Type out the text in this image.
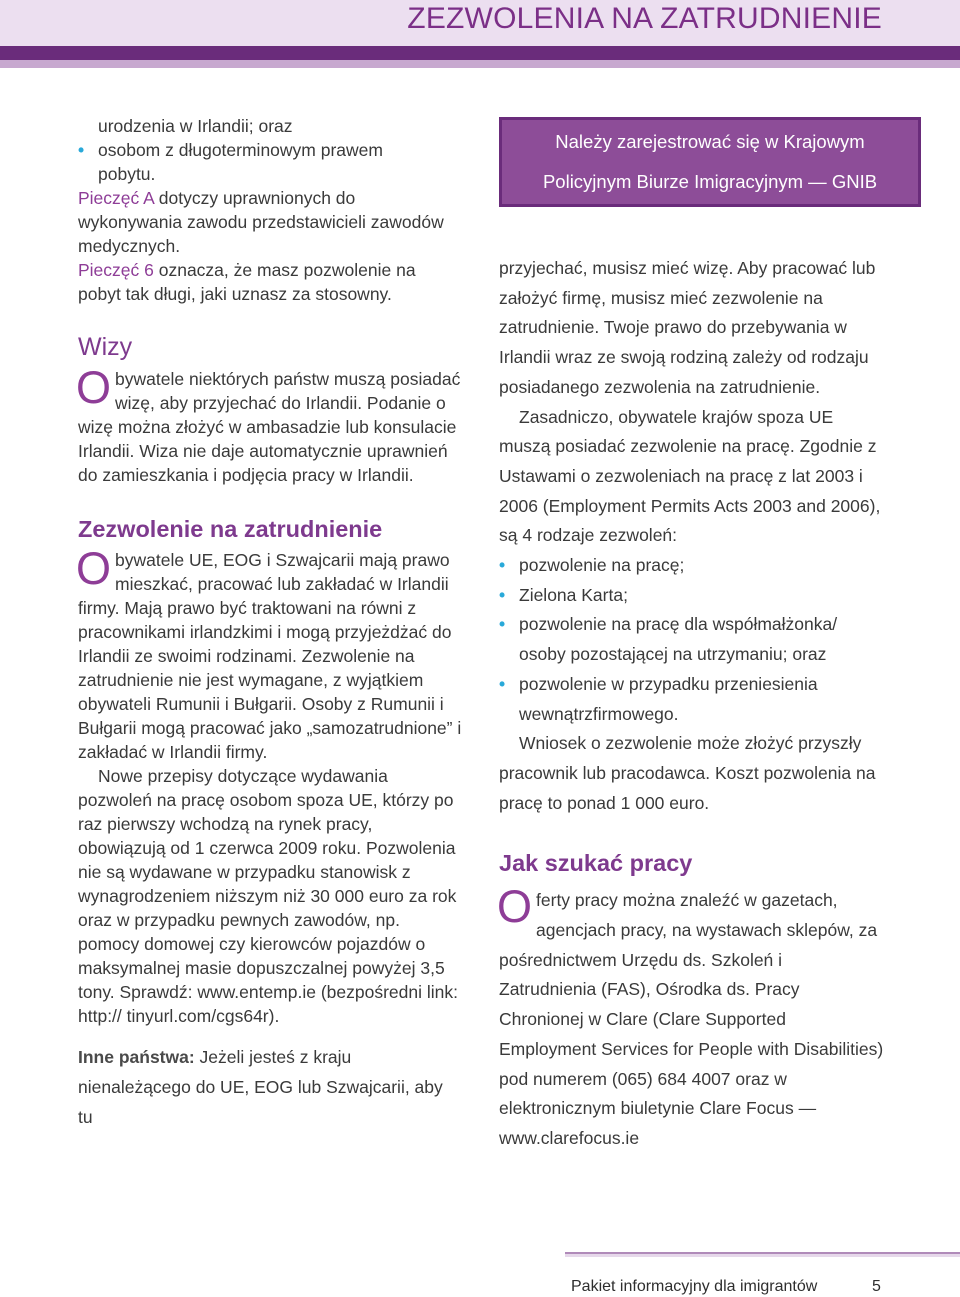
ZEZWOLENIA NA ZATRUDNIENIE

urodzenia w Irlandii; oraz

• osobom z długoterminowym prawem

pobytu.

Pieczęć A dotyczy uprawnionych do wykonywania zawodu przedstawicieli zawodów medycznych.

Pieczęć 6 oznacza, że masz pozwolenie na pobyt tak długi, jaki uznasz za stosowny.

Wizy

Obywatele niektórych państw muszą posiadać wizę, aby przyjechać do Irlandii. Podanie o wizę można złożyć w ambasadzie lub konsulacie Irlandii. Wiza nie daje automatycznie uprawnień do zamieszkania i podjęcia pracy w Irlandii.

Zezwolenie na zatrudnienie

Obywatele UE, EOG i Szwajcarii mają prawo mieszkać, pracować lub zakładać w Irlandii firmy. Mają prawo być traktowani na równi z pracownikami irlandzkimi i mogą przyjeżdżać do Irlandii ze swoimi rodzinami. Zezwolenie na zatrudnienie nie jest wymagane, z wyjątkiem obywateli Rumunii i Bułgarii. Osoby z Rumunii i Bułgarii mogą pracować jako „samozatrudnione” i zakładać w Irlandii firmy.

Nowe przepisy dotyczące wydawania pozwoleń na pracę osobom spoza UE, którzy po raz pierwszy wchodzą na rynek pracy, obowiązują od 1 czerwca 2009 roku. Pozwolenia nie są wydawane w przypadku stanowisk z wynagrodzeniem niższym niż 30 000 euro za rok oraz w przypadku pewnych zawodów, np. pomocy domowej czy kierowców pojazdów o maksymalnej masie dopuszczalnej powyżej 3,5 tony. Sprawdź: www.entemp.ie (bezpośredni link: http:// tinyurl.com/cgs64r).

Inne państwa: Jeżeli jesteś z kraju nienależącego do UE, EOG lub Szwajcarii, aby tu

Należy zarejestrować się w Krajowym
Policyjnym Biurze Imigracyjnym — GNIB

przyjechać, musisz mieć wizę. Aby pracować lub założyć firmę, musisz mieć zezwolenie na zatrudnienie. Twoje prawo do przebywania w Irlandii wraz ze swoją rodziną zależy od rodzaju posiadanego zezwolenia na zatrudnienie.

Zasadniczo, obywatele krajów spoza UE muszą posiadać zezwolenie na pracę. Zgodnie z Ustawami o zezwoleniach na pracę z lat 2003 i 2006 (Employment Permits Acts 2003 and 2006), są 4 rodzaje zezwoleń:

• pozwolenie na pracę;

• Zielona Karta;

• pozwolenie na pracę dla współmałżonka/ osoby pozostającej na utrzymaniu; oraz

• pozwolenie w przypadku przeniesienia wewnątrzfirmowego.

Wniosek o zezwolenie może złożyć przyszły pracownik lub pracodawca. Koszt pozwolenia na pracę to ponad 1 000 euro.

Jak szukać pracy

Oferty pracy można znaleźć w gazetach, agencjach pracy, na wystawach sklepów, za pośrednictwem Urzędu ds. Szkoleń i Zatrudnienia (FAS), Ośrodka ds. Pracy Chronionej w Clare (Clare Supported Employment Services for People with Disabilities) pod numerem (065) 684 4007 oraz w elektronicznym biuletynie Clare Focus — www.clarefocus.ie

Pakiet informacyjny dla imigrantów	5
